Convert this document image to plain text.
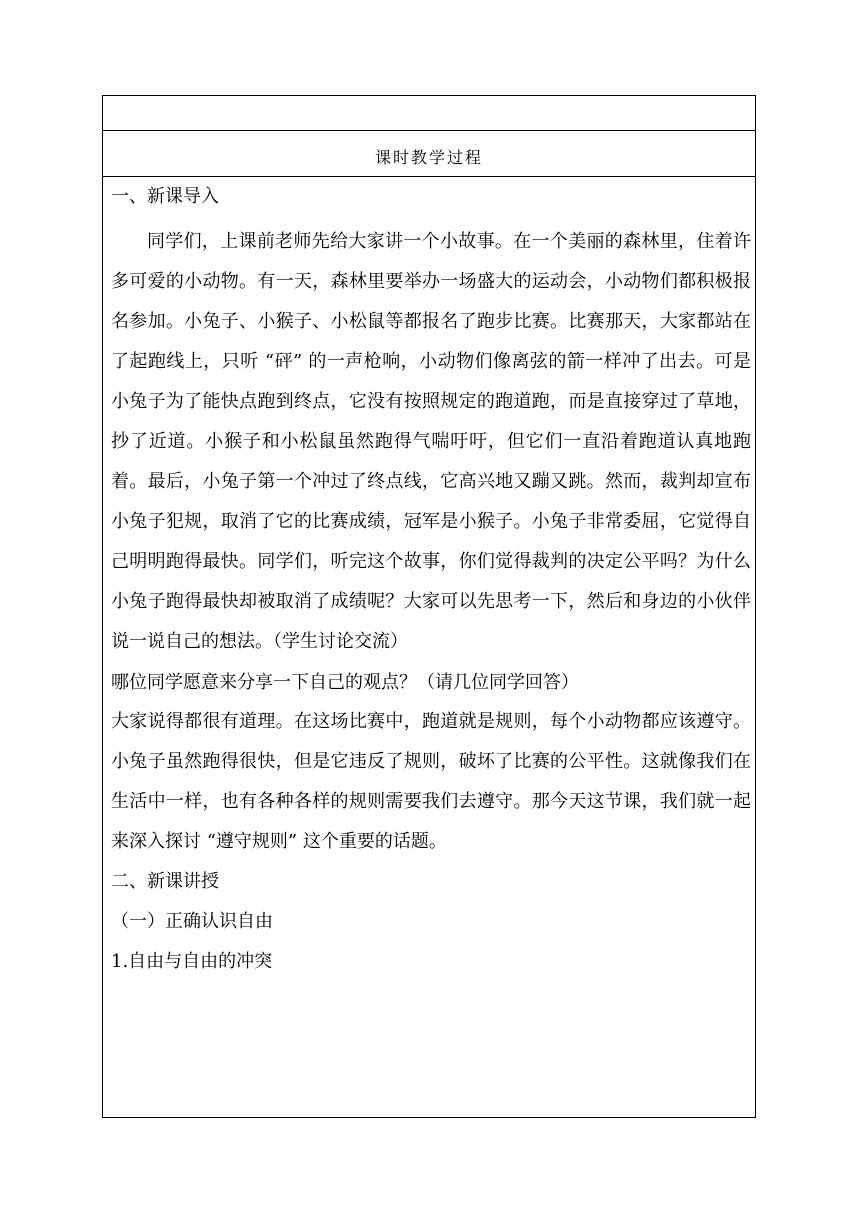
课时教学过程

一、新课导入

同学们，上课前老师先给大家讲一个小故事。在一个美丽的森林里，住着许多可爱的小动物。有一天，森林里要举办一场盛大的运动会，小动物们都积极报名参加。小兔子、小猴子、小松鼠等都报名了跑步比赛。比赛那天，大家都站在了起跑线上，只听 “砰” 的一声枪响，小动物们像离弦的箭一样冲了出去。可是小兔子为了能快点跑到终点，它没有按照规定的跑道跑，而是直接穿过了草地，抄了近道。小猴子和小松鼠虽然跑得气喘吁吁，但它们一直沿着跑道认真地跑着。最后，小兔子第一个冲过了终点线，它高兴地又蹦又跳。然而，裁判却宣布小兔子犯规，取消了它的比赛成绩，冠军是小猴子。小兔子非常委屈，它觉得自己明明跑得最快。同学们，听完这个故事，你们觉得裁判的决定公平吗？为什么小兔子跑得最快却被取消了成绩呢？大家可以先思考一下，然后和身边的小伙伴说一说自己的想法。（学生讨论交流）

哪位同学愿意来分享一下自己的观点？（请几位同学回答）

大家说得都很有道理。在这场比赛中，跑道就是规则，每个小动物都应该遵守。小兔子虽然跑得很快，但是它违反了规则，破坏了比赛的公平性。这就像我们在生活中一样，也有各种各样的规则需要我们去遵守。那今天这节课，我们就一起来深入探讨 “遵守规则” 这个重要的话题。

二、新课讲授

（一）正确认识自由

1.自由与自由的冲突
